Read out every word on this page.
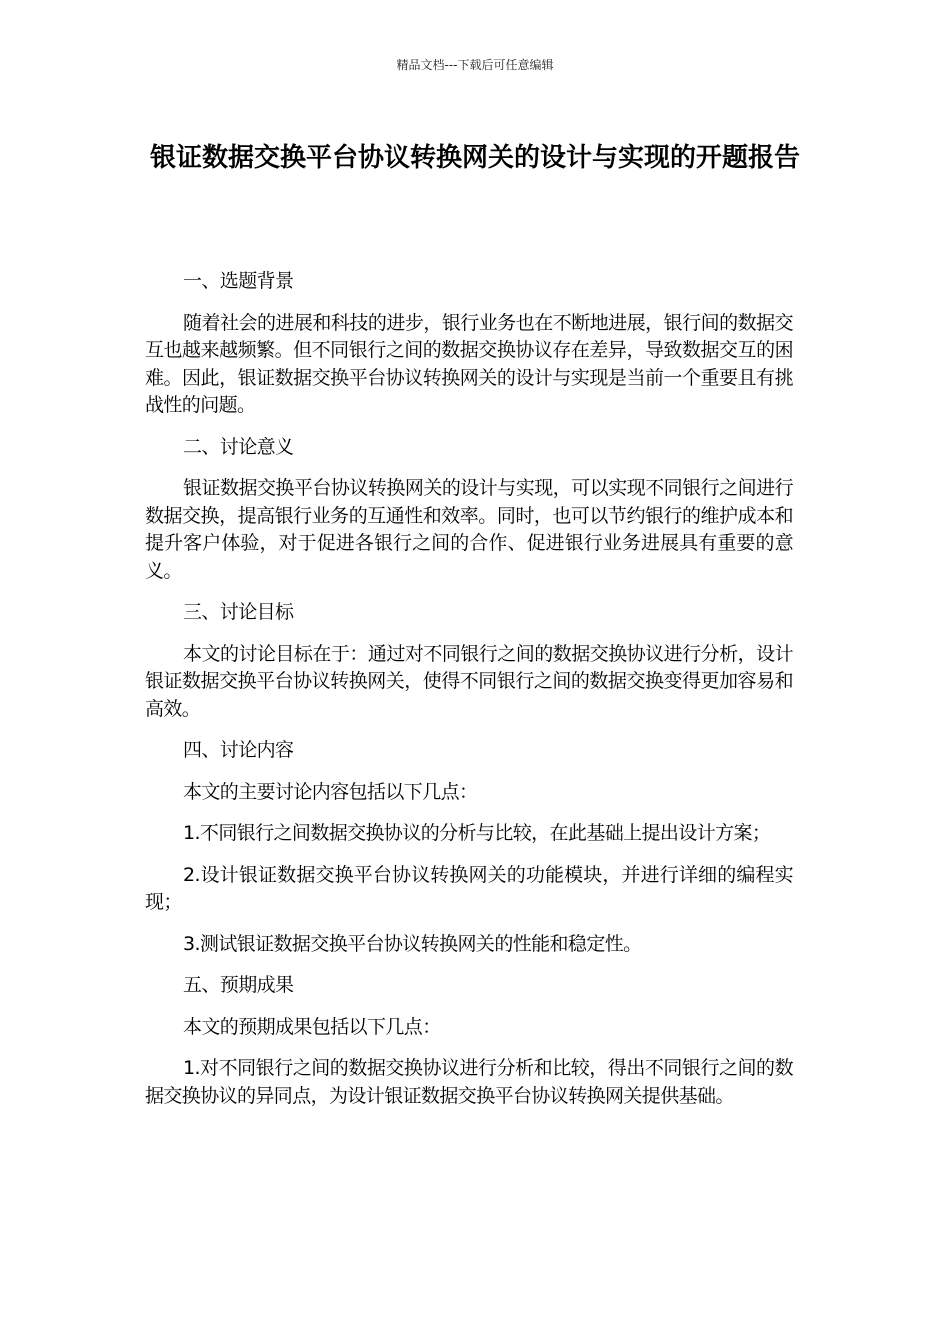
精品文档---下载后可任意编辑
银证数据交换平台协议转换网关的设计与实现的开题报告

一、选题背景

随着社会的进展和科技的进步，银行业务也在不断地进展，银行间的数据交互也越来越频繁。但不同银行之间的数据交换协议存在差异，导致数据交互的困难。因此，银证数据交换平台协议转换网关的设计与实现是当前一个重要且有挑战性的问题。

二、讨论意义

银证数据交换平台协议转换网关的设计与实现，可以实现不同银行之间进行数据交换，提高银行业务的互通性和效率。同时，也可以节约银行的维护成本和提升客户体验，对于促进各银行之间的合作、促进银行业务进展具有重要的意义。

三、讨论目标

本文的讨论目标在于：通过对不同银行之间的数据交换协议进行分析，设计银证数据交换平台协议转换网关，使得不同银行之间的数据交换变得更加容易和高效。

四、讨论内容

本文的主要讨论内容包括以下几点：

1.不同银行之间数据交换协议的分析与比较，在此基础上提出设计方案；

2.设计银证数据交换平台协议转换网关的功能模块，并进行详细的编程实现；

3.测试银证数据交换平台协议转换网关的性能和稳定性。

五、预期成果

本文的预期成果包括以下几点：

1.对不同银行之间的数据交换协议进行分析和比较，得出不同银行之间的数据交换协议的异同点，为设计银证数据交换平台协议转换网关提供基础。
